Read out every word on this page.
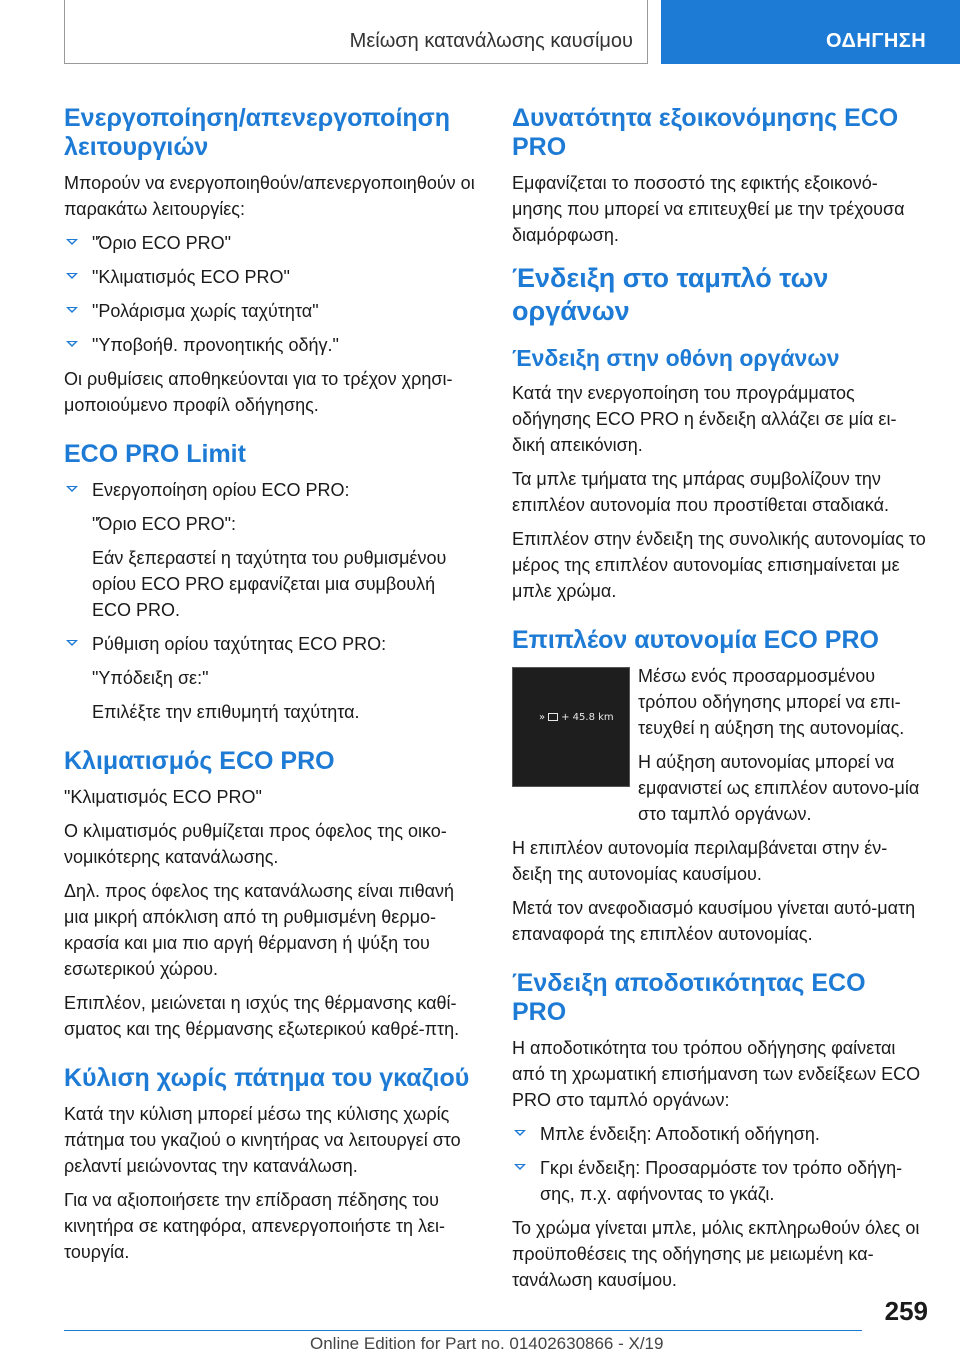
Μείωση κατανάλωσης καυσίμου	ΟΔΗΓΗΣΗ
Ενεργοποίηση/απενεργοποίηση λειτουργιών

Μπορούν να ενεργοποιηθούν/απενεργοποιηθούν οι παρακάτω λειτουργίες:

"Όριο ECO PRO"
"Κλιματισμός ECO PRO"
"Ρολάρισμα χωρίς ταχύτητα"
"Υποβοήθ. προνοητικής οδήγ."

Οι ρυθμίσεις αποθηκεύονται για το τρέχον χρησι-μοποιούμενο προφίλ οδήγησης.

ECO PRO Limit
Ενεργοποίηση ορίου ECO PRO:
"Όριο ECO PRO":
Εάν ξεπεραστεί η ταχύτητα του ρυθμισμένου ορίου ECO PRO εμφανίζεται μια συμβουλή ECO PRO.
Ρύθμιση ορίου ταχύτητας ECO PRO:
"Υπόδειξη σε:"
Επιλέξτε την επιθυμητή ταχύτητα.
Κλιματισμός ECO PRO

"Κλιματισμός ECO PRO"

Ο κλιματισμός ρυθμίζεται προς όφελος της οικο-νομικότερης κατανάλωσης.

Δηλ. προς όφελος της κατανάλωσης είναι πιθανή μια μικρή απόκλιση από τη ρυθμισμένη θερμο-κρασία και μια πιο αργή θέρμανση ή ψύξη του εσωτερικού χώρου.

Επιπλέον, μειώνεται η ισχύς της θέρμανσης καθί-σματος και της θέρμανσης εξωτερικού καθρέ-πτη.

Κύλιση χωρίς πάτημα του γκαζιού

Κατά την κύλιση μπορεί μέσω της κύλισης χωρίς πάτημα του γκαζιού ο κινητήρας να λειτουργεί στο ρελαντί μειώνοντας την κατανάλωση.

Για να αξιοποιήσετε την επίδραση πέδησης του κινητήρα σε κατηφόρα, απενεργοποιήστε τη λει-τουργία.

Δυνατότητα εξοικονόμησης ECO PRO

Εμφανίζεται το ποσοστό της εφικτής εξοικονό-μησης που μπορεί να επιτευχθεί με την τρέχουσα διαμόρφωση.

Ένδειξη στο ταμπλό των οργάνων
Ένδειξη στην οθόνη οργάνων

Κατά την ενεργοποίηση του προγράμματος οδήγησης ECO PRO η ένδειξη αλλάζει σε μία ει-δική απεικόνιση.

Τα μπλε τμήματα της μπάρας συμβολίζουν την επιπλέον αυτονομία που προστίθεται σταδιακά.

Επιπλέον στην ένδειξη της συνολικής αυτονομίας το μέρος της επιπλέον αυτονομίας επισημαίνεται με μπλε χρώμα.

Επιπλέον αυτονομία ECO PRO
» + 45.8 km

Μέσω ενός προσαρμοσμένου τρόπου οδήγησης μπορεί να επι-τευχθεί η αύξηση της αυτονομίας.

Η αύξηση αυτονομίας μπορεί να εμφανιστεί ως επιπλέον αυτονο-μία στο ταμπλό οργάνων.

Η επιπλέον αυτονομία περιλαμβάνεται στην έν-δειξη της αυτονομίας καυσίμου.

Μετά τον ανεφοδιασμό καυσίμου γίνεται αυτό-ματη επαναφορά της επιπλέον αυτονομίας.

Ένδειξη αποδοτικότητας ECO PRO

Η αποδοτικότητα του τρόπου οδήγησης φαίνεται από τη χρωματική επισήμανση των ενδείξεων ECO PRO στο ταμπλό οργάνων:

Μπλε ένδειξη: Αποδοτική οδήγηση.
Γκρι ένδειξη: Προσαρμόστε τον τρόπο οδήγη-σης, π.χ. αφήνοντας το γκάζι.

Το χρώμα γίνεται μπλε, μόλις εκπληρωθούν όλες οι προϋποθέσεις της οδήγησης με μειωμένη κα-τανάλωση καυσίμου.

259
Online Edition for Part no. 01402630866 - X/19
